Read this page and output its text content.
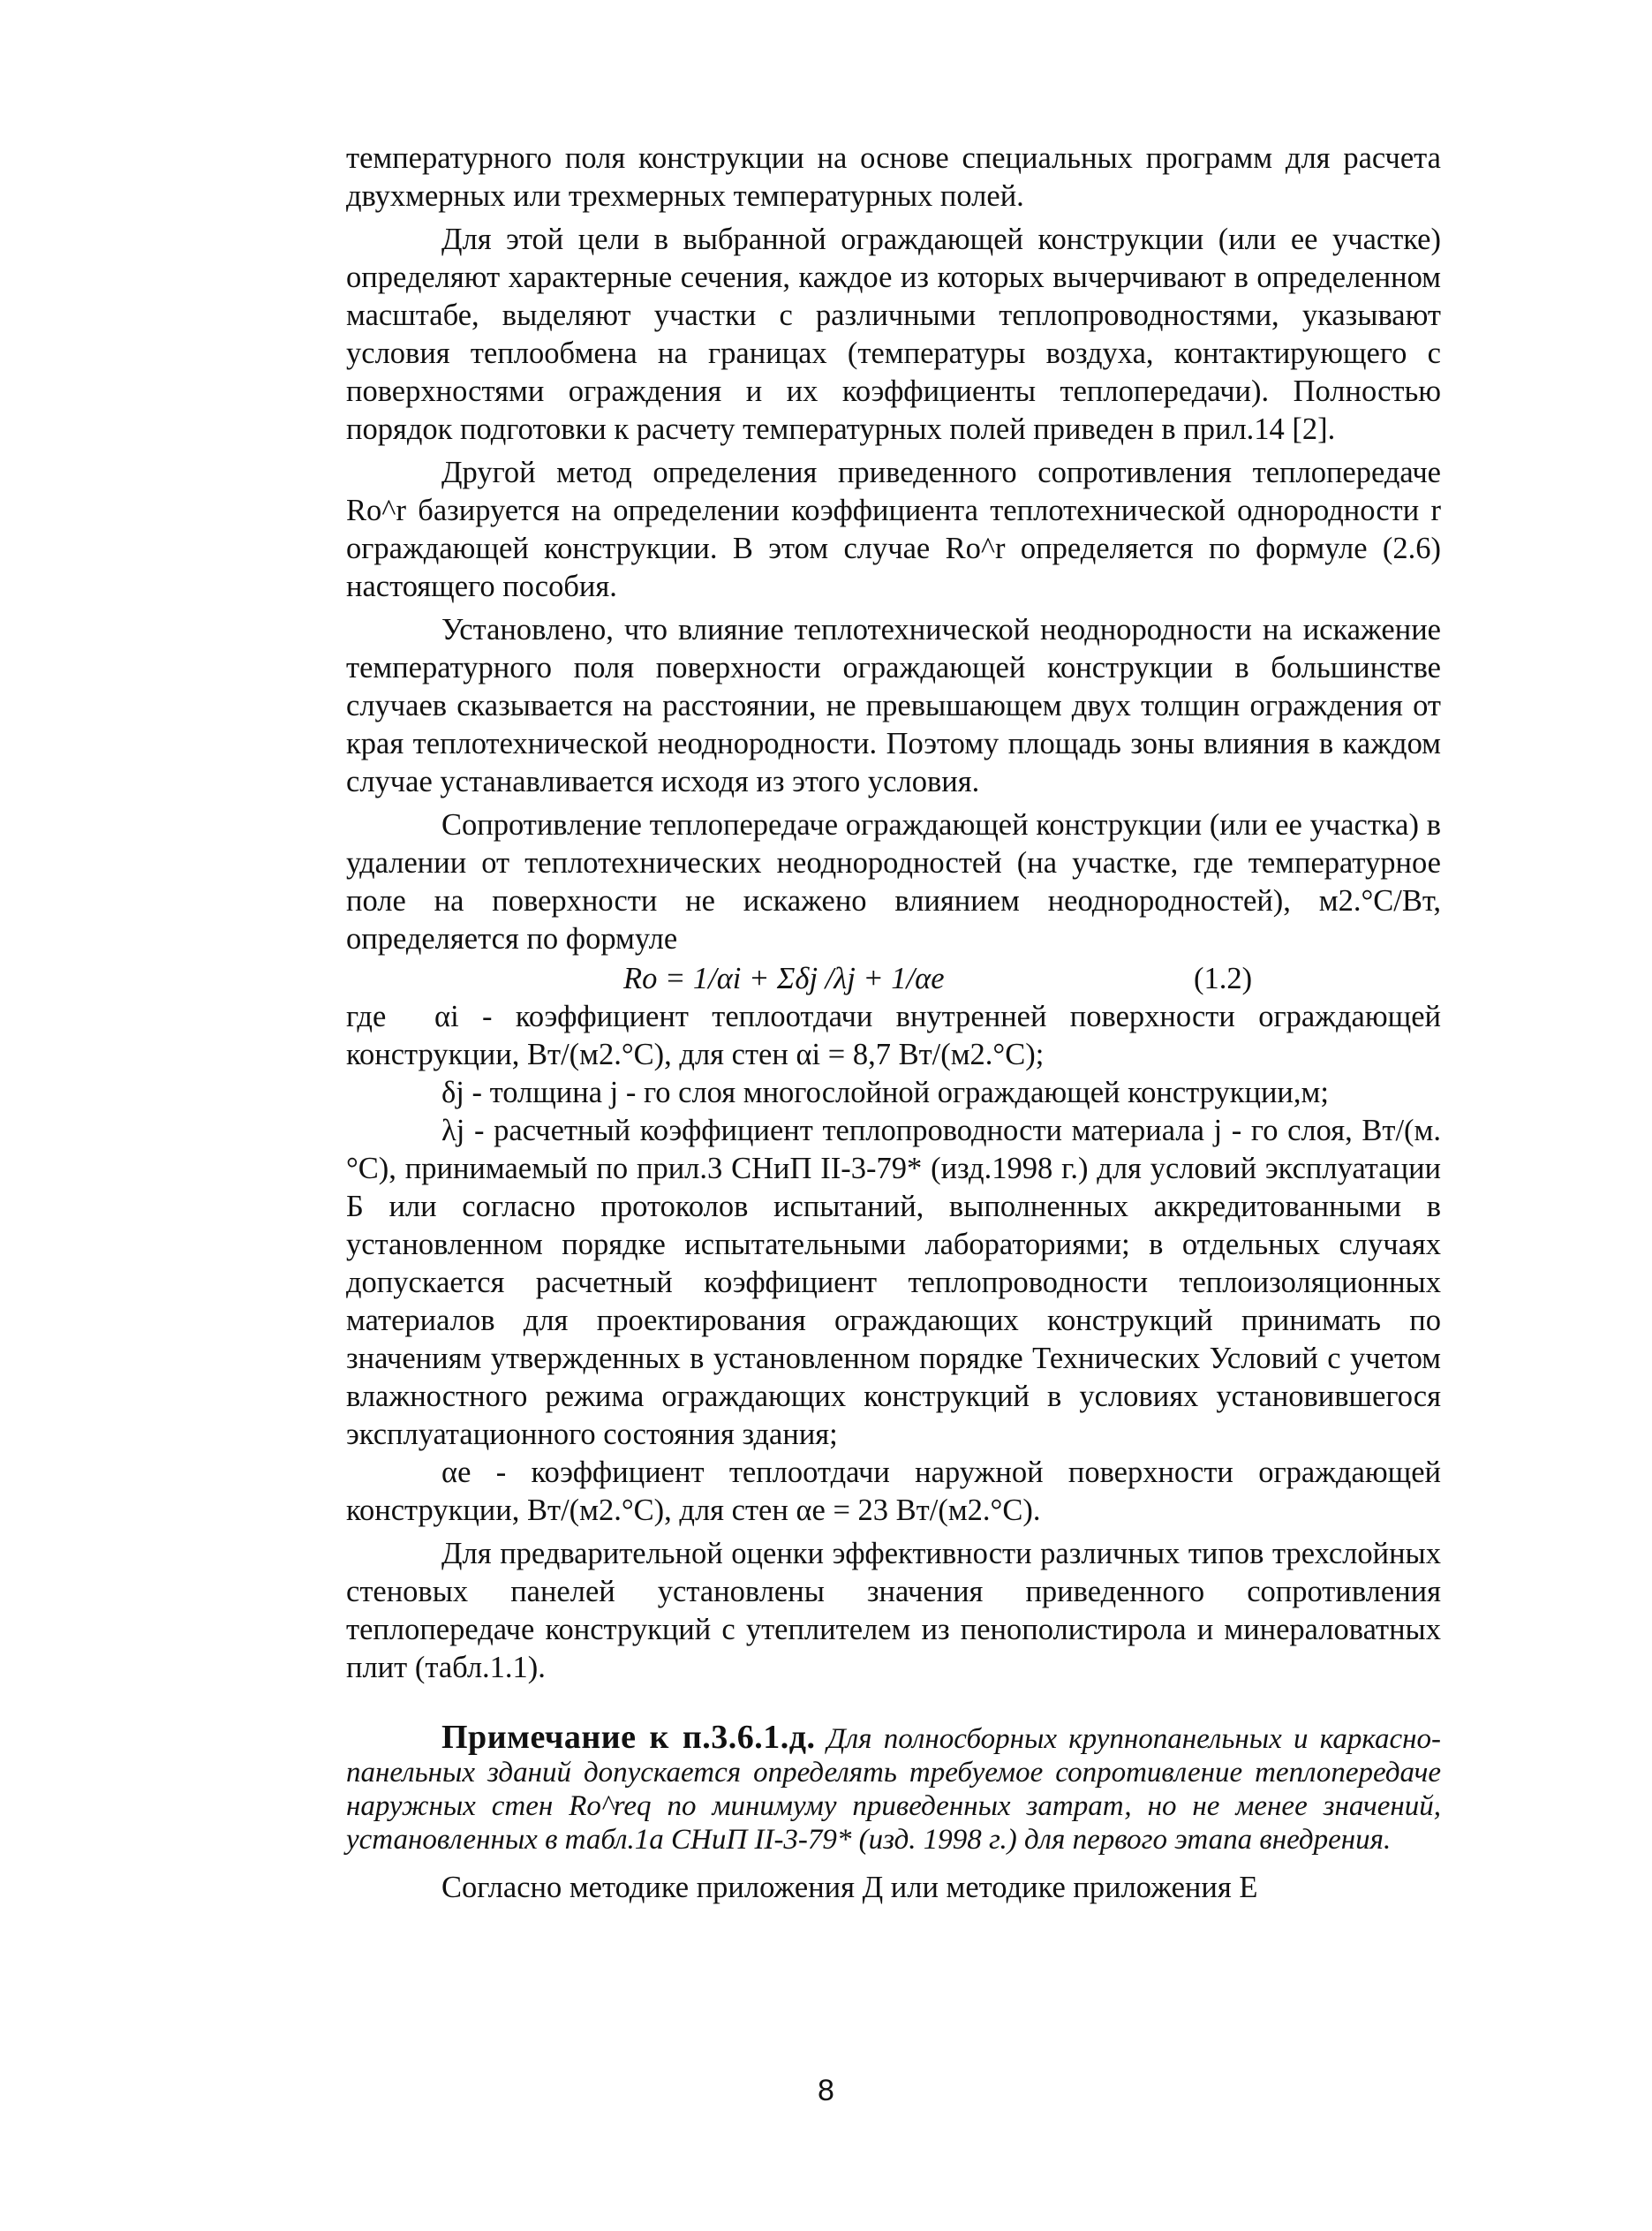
температурного поля конструкции на основе специальных программ для расчета двухмерных или трехмерных температурных полей.

Для этой цели в выбранной ограждающей конструкции (или ее участке) определяют характерные сечения, каждое из которых вычерчивают в определенном масштабе, выделяют участки с различными теплопроводностями, указывают условия теплообмена на границах (температуры воздуха, контактирующего с поверхностями ограждения и их коэффициенты теплопередачи). Полностью порядок подготовки к расчету температурных полей приведен в прил.14 [2].

Другой метод определения приведенного сопротивления теплопередаче Ro^r базируется на определении коэффициента теплотехнической однородности r ограждающей конструкции. В этом случае Ro^r определяется по формуле (2.6) настоящего пособия.

Установлено, что влияние теплотехнической неоднородности на искажение температурного поля поверхности ограждающей конструкции в большинстве случаев сказывается на расстоянии, не превышающем двух толщин ограждения от края теплотехнической неоднородности. Поэтому площадь зоны влияния в каждом случае устанавливается исходя из этого условия.

Сопротивление теплопередаче ограждающей конструкции (или ее участка) в удалении от теплотехнических неоднородностей (на участке, где температурное поле на поверхности не искажено влиянием неоднородностей), м2.°С/Вт, определяется по формуле

Ro = 1/αi + Σδj /λj + 1/αe	(1.2)

где αi - коэффициент теплоотдачи внутренней поверхности ограждающей конструкции, Вт/(м2.°С), для стен αi = 8,7 Вт/(м2.°С);

δj - толщина j - го слоя многослойной ограждающей конструкции,м;

λj - расчетный коэффициент теплопроводности материала j - го слоя, Вт/(м.°С), принимаемый по прил.3 СНиП II-3-79* (изд.1998 г.) для условий эксплуатации Б или согласно протоколов испытаний, выполненных аккредитованными в установленном порядке испытательными лабораториями; в отдельных случаях допускается расчетный коэффициент теплопроводности теплоизоляционных материалов для проектирования ограждающих конструкций принимать по значениям утвержденных в установленном порядке Технических Условий с учетом влажностного режима ограждающих конструкций в условиях установившегося эксплуатационного состояния здания;

αe - коэффициент теплоотдачи наружной поверхности ограждающей конструкции, Вт/(м2.°С), для стен αe = 23 Вт/(м2.°С).

Для предварительной оценки эффективности различных типов трехслойных стеновых панелей установлены значения приведенного сопротивления теплопередаче конструкций с утеплителем из пенополистирола и минераловатных плит (табл.1.1).

Примечание к п.3.6.1.д. Для полносборных крупнопанельных и каркасно-панельных зданий допускается определять требуемое сопротивление теплопередаче наружных стен Ro^req по минимуму приведенных затрат, но не менее значений, установленных в табл.1а СНиП II-3-79* (изд. 1998 г.) для первого этапа внедрения.

Согласно методике приложения Д или методике приложения Е

8
